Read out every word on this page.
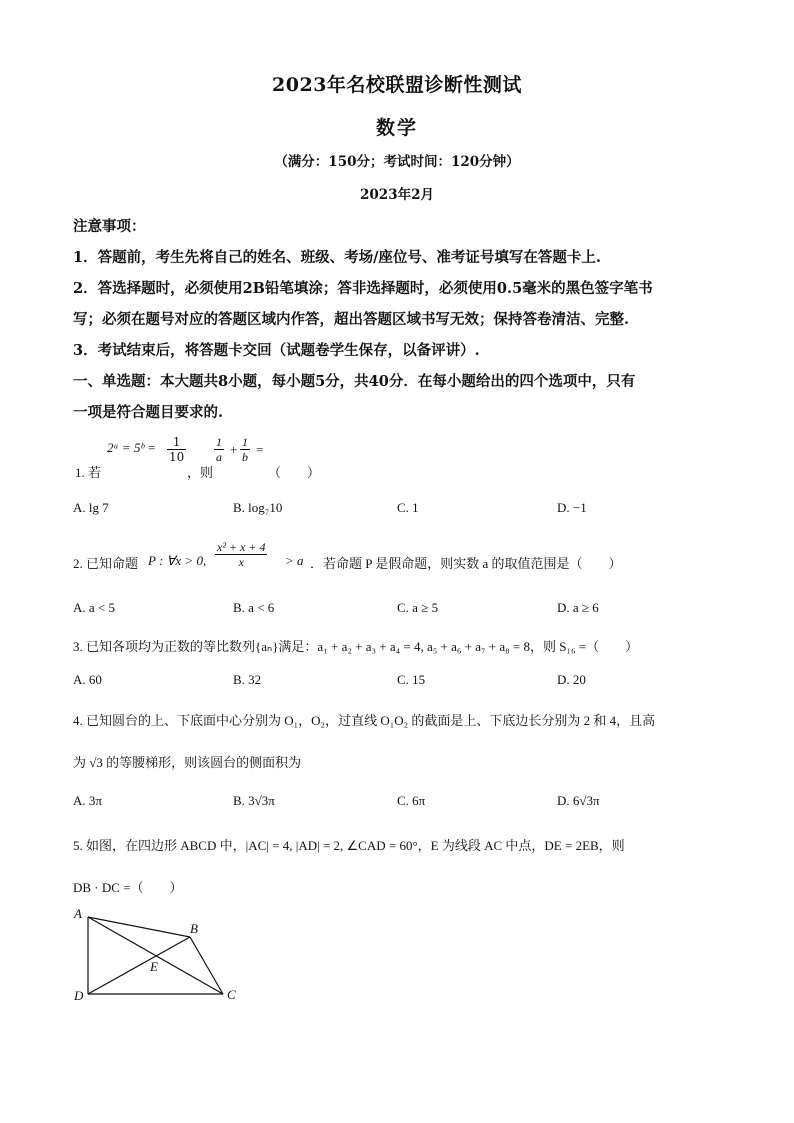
2023年名校联盟诊断性测试
数学
（满分：150分；考试时间：120分钟）
2023年2月
注意事项：
1．答题前，考生先将自己的姓名、班级、考场/座位号、准考证号填写在答题卡上.
2．答选择题时，必须使用2B铅笔填涂；答非选择题时，必须使用0.5毫米的黑色签字笔书
写；必须在题号对应的答题区域内作答，超出答题区域书写无效；保持答卷清洁、完整.
3．考试结束后，将答题卡交回（试题卷学生保存，以备评讲）.
一、单选题：本大题共8小题，每小题5分，共40分．在每小题给出的四个选项中，只有
一项是符合题目要求的.
1. 若
2ᵃ = 5ᵇ = $\frac{1}{10}$
，则
$\frac{1}{a} + \frac{1}{b}$ =
（　　）
A. lg 7	B. log₇10	C. 1	D. −1
2. 已知命题 P : ∀x > 0, $\frac{\text{x² + x + 4}}{x} > a$ ．若命题 P 是假命题，则实数 a 的取值范围是（　　）
A. a < 5	B. a < 6	C. a ≥ 5	D. a ≥ 6
3. 已知各项均为正数的等比数列{aₙ}满足：a₁ + a₂ + a₃ + a₄ = 4, a₅ + a₆ + a₇ + a₈ = 8，则 S₁₆ =（　　）
A. 60	B. 32	C. 15	D. 20
4. 已知圆台的上、下底面中心分别为 O₁，O₂，过直线 O₁O₂ 的截面是上、下底边长分别为 2 和 4，且高
为 √3 的等腰梯形，则该圆台的侧面积为
A. 3π	B. 3√3π	C. 6π	D. 6√3π
5. 如图，在四边形 ABCD 中，|AC| = 4, |AD| = 2, ∠CAD = 60°，E 为线段 AC 中点，DE = 2EB，则
DB · DC =（　　）
A
B
C
D
E
